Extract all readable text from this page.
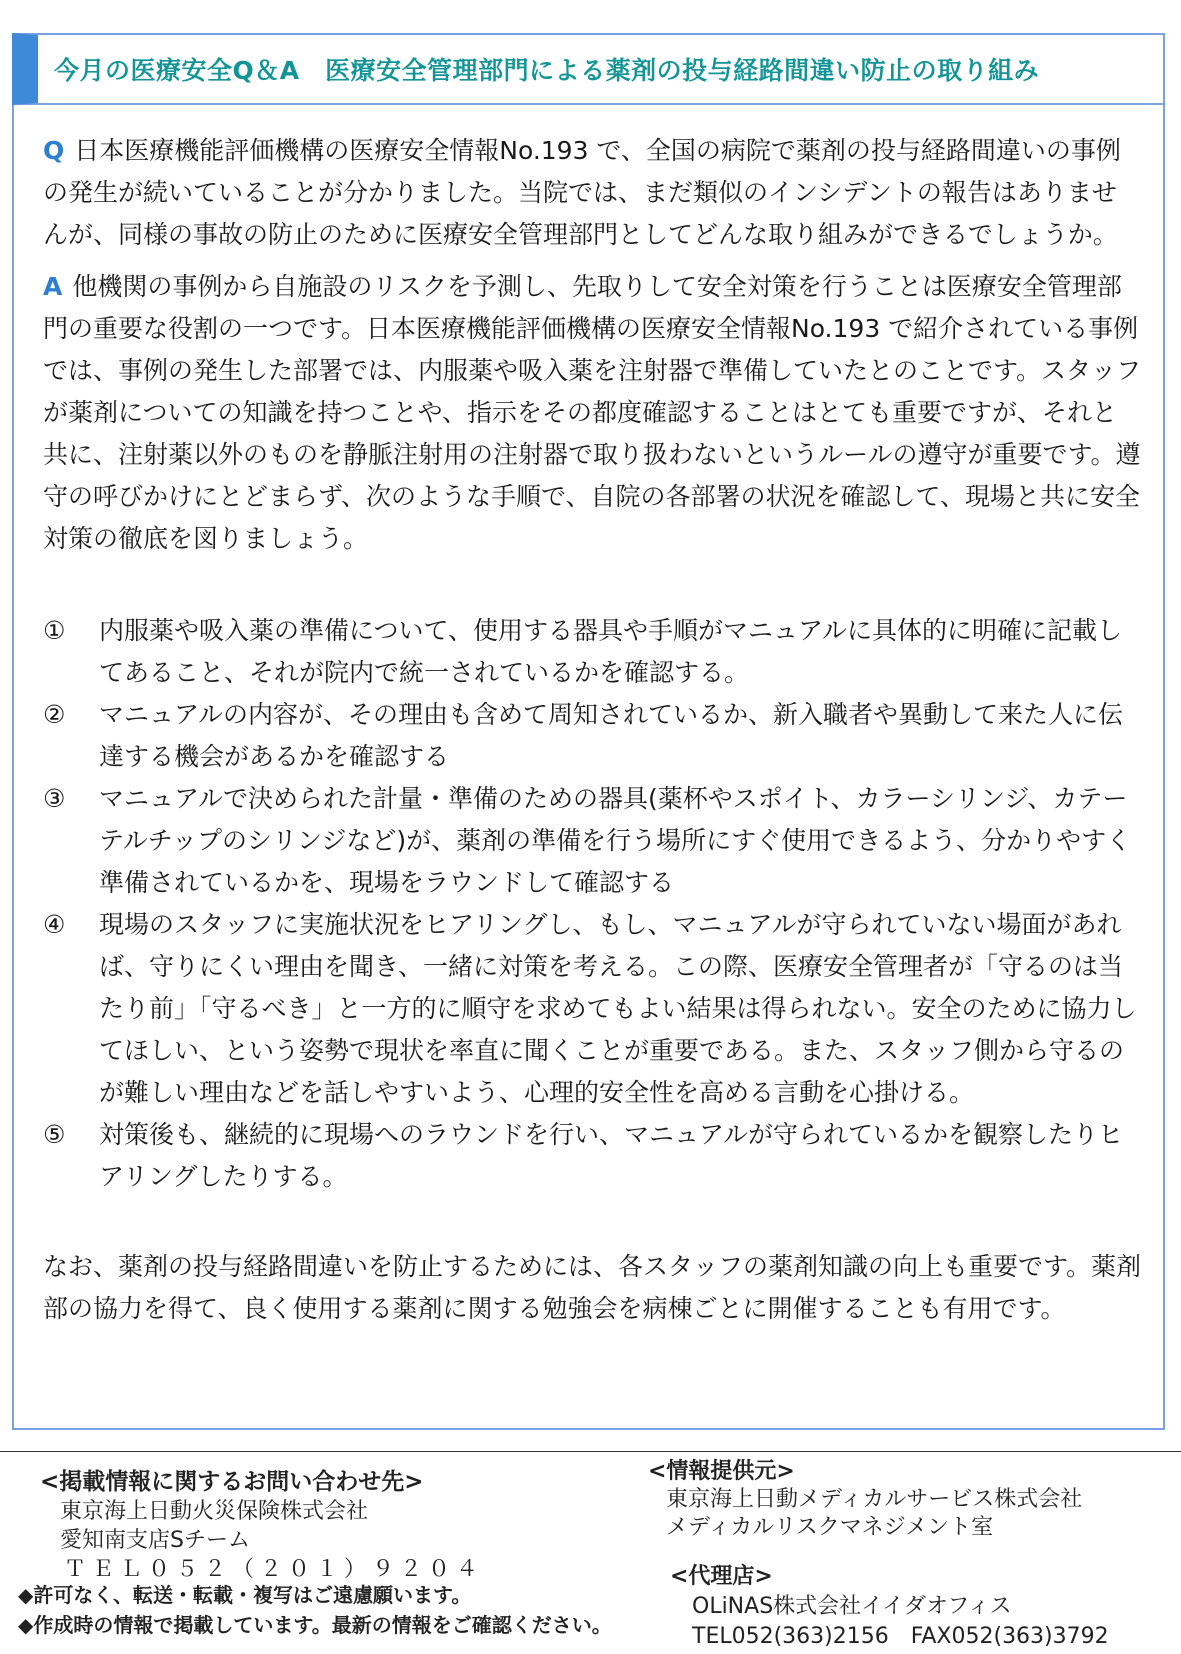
今月の医療安全Q＆A　医療安全管理部門による薬剤の投与経路間違い防止の取り組み

Q 日本医療機能評価機構の医療安全情報No.193 で、全国の病院で薬剤の投与経路間違いの事例の発生が続いていることが分かりました。当院では、まだ類似のインシデントの報告はありませんが、同様の事故の防止のために医療安全管理部門としてどんな取り組みができるでしょうか。

A 他機関の事例から自施設のリスクを予測し、先取りして安全対策を行うことは医療安全管理部門の重要な役割の一つです。日本医療機能評価機構の医療安全情報No.193 で紹介されている事例では、事例の発生した部署では、内服薬や吸入薬を注射器で準備していたとのことです。スタッフが薬剤についての知識を持つことや、指示をその都度確認することはとても重要ですが、それと共に、注射薬以外のものを静脈注射用の注射器で取り扱わないというルールの遵守が重要です。遵守の呼びかけにとどまらず、次のような手順で、自院の各部署の状況を確認して、現場と共に安全対策の徹底を図りましょう。

①	内服薬や吸入薬の準備について、使用する器具や手順がマニュアルに具体的に明確に記載してあること、それが院内で統一されているかを確認する。
②	マニュアルの内容が、その理由も含めて周知されているか、新入職者や異動して来た人に伝達する機会があるかを確認する
③	マニュアルで決められた計量・準備のための器具(薬杯やスポイト、カラーシリンジ、カテーテルチップのシリンジなど)が、薬剤の準備を行う場所にすぐ使用できるよう、分かりやすく準備されているかを、現場をラウンドして確認する
④	現場のスタッフに実施状況をヒアリングし、もし、マニュアルが守られていない場面があれば、守りにくい理由を聞き、一緒に対策を考える。この際、医療安全管理者が「守るのは当たり前」「守るべき」と一方的に順守を求めてもよい結果は得られない。安全のために協力してほしい、という姿勢で現状を率直に聞くことが重要である。また、スタッフ側から守るのが難しい理由などを話しやすいよう、心理的安全性を高める言動を心掛ける。
⑤	対策後も、継続的に現場へのラウンドを行い、マニュアルが守られているかを観察したりヒアリングしたりする。

なお、薬剤の投与経路間違いを防止するためには、各スタッフの薬剤知識の向上も重要です。薬剤部の協力を得て、良く使用する薬剤に関する勉強会を病棟ごとに開催することも有用です。

<掲載情報に関するお問い合わせ先>
東京海上日動火災保険株式会社
愛知南支店Sチーム
ＴＥＬ０５２（２０１）９２０４
<情報提供元>
東京海上日動メディカルサービス株式会社
メディカルリスクマネジメント室
<代理店>
OLiNAS株式会社イイダオフィス
TEL052(363)2156　FAX052(363)3792
◆許可なく、転送・転載・複写はご遠慮願います。
◆作成時の情報で掲載しています。最新の情報をご確認ください。
